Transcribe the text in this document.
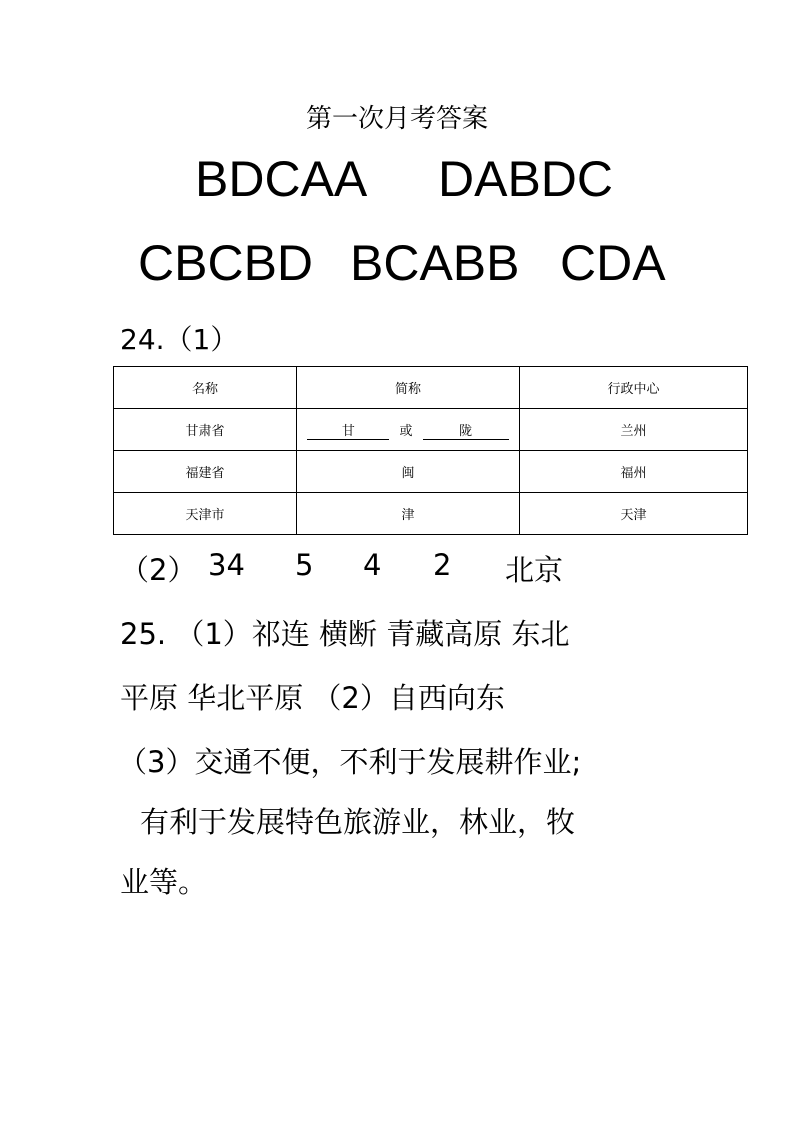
第一次月考答案
BDCAA DABDC
CBCBD BCABB CDA
24.（1）
名称	简称	行政中心
甘肃省	甘 或 陇	兰州
福建省	闽	福州
天津市	津	天津
（2） 34 5 4 2 北京
25. （1）祁连 横断 青藏高原 东北
平原 华北平原 （2）自西向东
（3）交通不便，不利于发展耕作业;
有利于发展特色旅游业，林业，牧
业等。
